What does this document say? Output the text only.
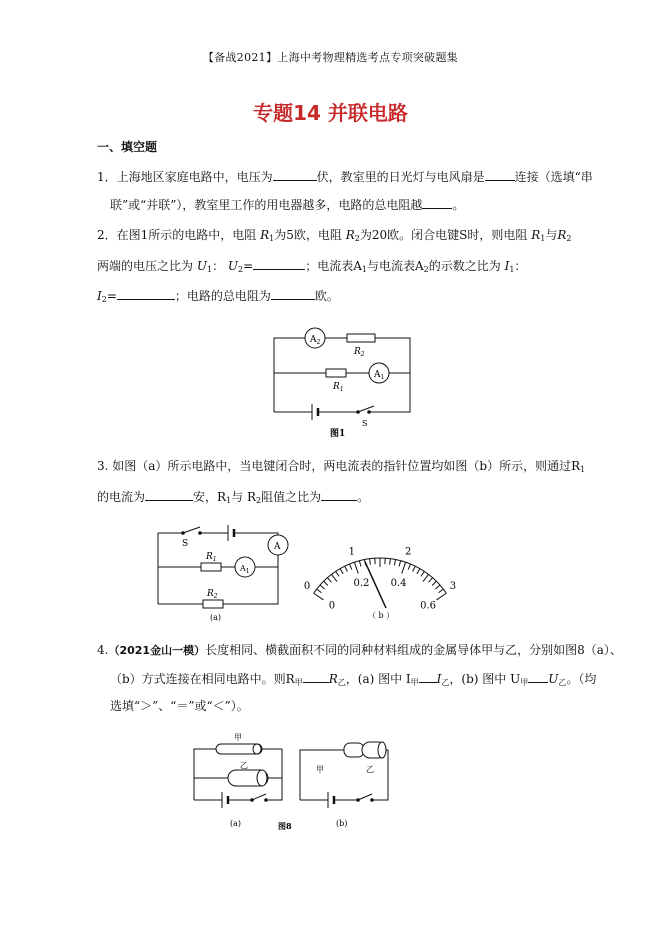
【备战2021】上海中考物理精选考点专项突破题集
专题14 并联电路
一、填空题
1．上海地区家庭电路中，电压为	伏，教室里的日光灯与电风扇是	连接（选填“串
联”或“并联”），教室里工作的用电器越多，电路的总电阻越	。
2．在图1所示的电路中，电阻 $R_1$为5欧，电阻 $R_2$为20欧。闭合电键S时，则电阻 $R_1$与$R_2$
两端的电压之比为 $U_1$： $U_2=$	；电流表$A_1$与电流表$A_2$的示数之比为 $I_1$：
$I_2=$	；电路的总电阻为	欧。
$A_2$
$A_1$
$R_2$
$R_1$
S
图1
3. 如图（a）所示电路中，当电键闭合时，两电流表的指针位置均如图（b）所示，则通过$R_1$
的电流为	安，$R_1$与 $R_2$阻值之比为	。
S	A
$A_1$
$R_1$
$R_2$
(a)
0
1	2
3
0
0.2 0.4
0.6
（ b ）
4.（2021金山一模）长度相同、横截面积不同的同种材料组成的金属导体甲与乙，分别如图8（a）、
（b）方式连接在相同电路中。则$R_甲$ $R_乙$，(a) 图中 $I_甲$ $I_乙$，(b) 图中 $U_甲$ $U_乙$。（均
选填“＞”、“＝”或“＜”）。
甲
乙
(a)	图8
甲	乙
(b)
